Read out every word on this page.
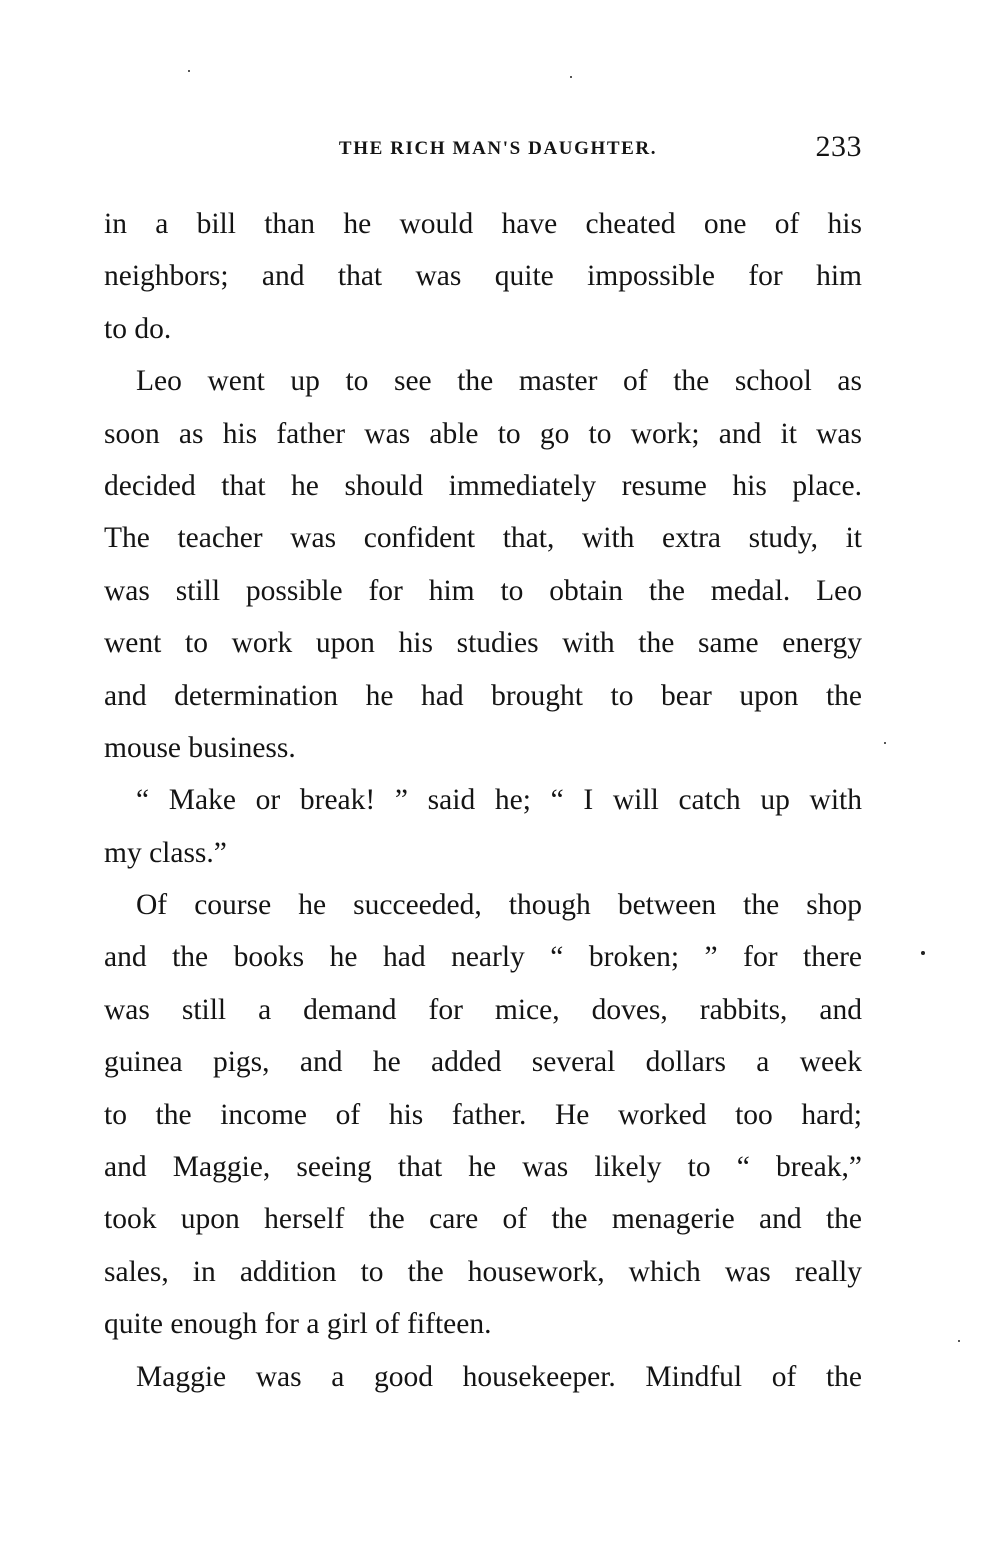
THE RICH MAN'S DAUGHTER.	233
in a bill than he would have cheated one of his
neighbors; and that was quite impossible for him
to do.
Leo went up to see the master of the school as
soon as his father was able to go to work; and it was
decided that he should immediately resume his place.
The teacher was confident that, with extra study, it
was still possible for him to obtain the medal. Leo
went to work upon his studies with the same energy
and determination he had brought to bear upon the
mouse business.
“ Make or break! ” said he; “ I will catch up with
my class.”
Of course he succeeded, though between the shop
and the books he had nearly “ broken; ” for there
was still a demand for mice, doves, rabbits, and
guinea pigs, and he added several dollars a week
to the income of his father. He worked too hard;
and Maggie, seeing that he was likely to “ break,”
took upon herself the care of the menagerie and the
sales, in addition to the housework, which was really
quite enough for a girl of fifteen.
Maggie was a good housekeeper. Mindful of the
